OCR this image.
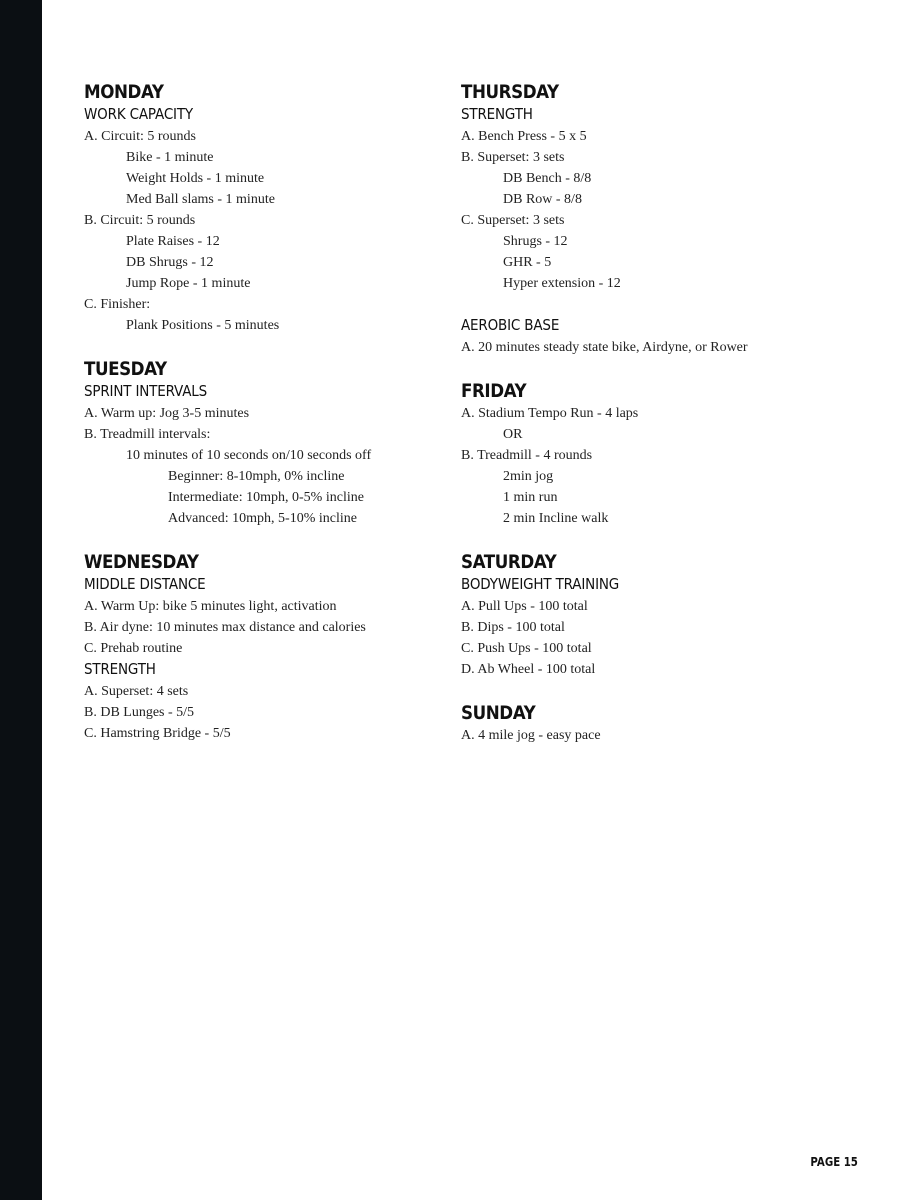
MONDAY
WORK CAPACITY
A. Circuit: 5 rounds
Bike - 1 minute
Weight Holds - 1 minute
Med Ball slams - 1 minute
B. Circuit: 5 rounds
Plate Raises - 12
DB Shrugs - 12
Jump Rope - 1 minute
C. Finisher:
Plank Positions - 5 minutes
TUESDAY
SPRINT INTERVALS
A. Warm up: Jog 3-5 minutes
B. Treadmill intervals:
10 minutes of 10 seconds on/10 seconds off
Beginner: 8-10mph, 0% incline
Intermediate: 10mph, 0-5% incline
Advanced: 10mph, 5-10% incline
WEDNESDAY
MIDDLE DISTANCE
A. Warm Up: bike 5 minutes light, activation
B. Air dyne: 10 minutes max distance and calories
C. Prehab routine
STRENGTH
A. Superset: 4 sets
B. DB Lunges - 5/5
C. Hamstring Bridge - 5/5
THURSDAY
STRENGTH
A. Bench Press - 5 x 5
B. Superset: 3 sets
DB Bench - 8/8
DB Row - 8/8
C. Superset: 3 sets
Shrugs - 12
GHR - 5
Hyper extension - 12
AEROBIC BASE
A. 20 minutes steady state bike, Airdyne, or Rower
FRIDAY
A. Stadium Tempo Run - 4 laps
OR
B. Treadmill - 4 rounds
2min jog
1 min run
2 min Incline walk
SATURDAY
BODYWEIGHT TRAINING
A. Pull Ups - 100 total
B. Dips - 100 total
C. Push Ups - 100 total
D. Ab Wheel - 100 total
SUNDAY
A. 4 mile jog - easy pace
PAGE 15
